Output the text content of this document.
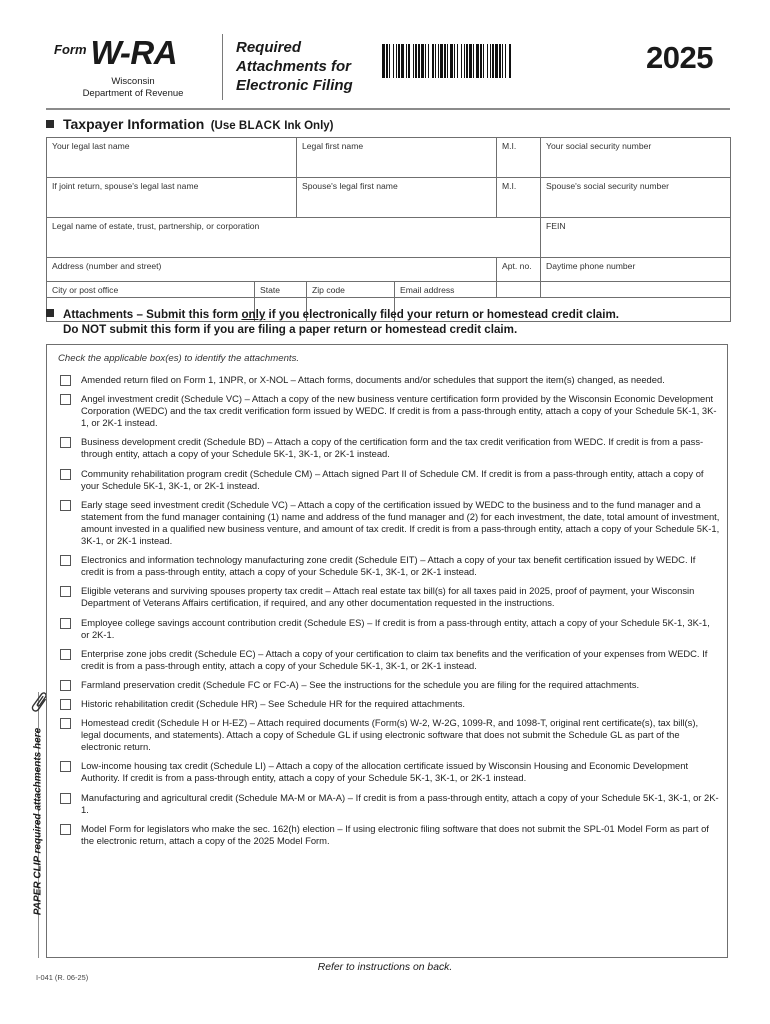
$^{Form}$ W-RA
Wisconsin
Department of Revenue
Required
Attachments for
Electronic Filing
2025
Taxpayer Information (Use BLACK Ink Only)
Your legal last name	Legal first name	M.I.	Your social security number
If joint return, spouse's legal last name	Spouse's legal first name	M.I.	Spouse's social security number
Legal name of estate, trust, partnership, or corporation			FEIN
Address (number and street)		Apt. no.	Daytime phone number
City or post office	State	Zip code	Email address
Attachments – Submit this form only if you electronically filed your return or homestead credit claim.
Do NOT submit this form if you are filing a paper return or homestead credit claim.
Check the applicable box(es) to identify the attachments.
Amended return filed on Form 1, 1NPR, or X-NOL – Attach forms, documents and/or schedules that support the item(s) changed, as needed.
Angel investment credit (Schedule VC) – Attach a copy of the new business venture certification form provided by the Wisconsin Economic Development Corporation (WEDC) and the tax credit verification form issued by WEDC. If credit is from a pass-through entity, attach a copy of your Schedule 5K-1, 3K-1, or 2K-1 instead.
Business development credit (Schedule BD) – Attach a copy of the certification form and the tax credit verification from WEDC. If credit is from a pass-through entity, attach a copy of your Schedule 5K-1, 3K-1, or 2K-1 instead.
Community rehabilitation program credit (Schedule CM) – Attach signed Part II of Schedule CM. If credit is from a pass-through entity, attach a copy of your Schedule 5K-1, 3K-1, or 2K-1 instead.
Early stage seed investment credit (Schedule VC) – Attach a copy of the certification issued by WEDC to the business and to the fund manager and a statement from the fund manager containing (1) name and address of the fund manager and (2) for each investment, the date, total amount of investment, amount invested in a qualified new business venture, and amount of tax credit. If credit is from a pass-through entity, attach a copy of your Schedule 5K-1, 3K-1, or 2K-1 instead.
Electronics and information technology manufacturing zone credit (Schedule EIT) – Attach a copy of your tax benefit certification issued by WEDC. If credit is from a pass-through entity, attach a copy of your Schedule 5K-1, 3K-1, or 2K-1 instead.
Eligible veterans and surviving spouses property tax credit – Attach real estate tax bill(s) for all taxes paid in 2025, proof of payment, your Wisconsin Department of Veterans Affairs certification, if required, and any other documentation requested in the instructions.
Employee college savings account contribution credit (Schedule ES) – If credit is from a pass-through entity, attach a copy of your Schedule 5K-1, 3K-1, or 2K-1.
Enterprise zone jobs credit (Schedule EC) – Attach a copy of your certification to claim tax benefits and the verification of your expenses from WEDC. If credit is from a pass-through entity, attach a copy of your Schedule 5K-1, 3K-1, or 2K-1 instead.
Farmland preservation credit (Schedule FC or FC-A) – See the instructions for the schedule you are filing for the required attachments.
Historic rehabilitation credit (Schedule HR) – See Schedule HR for the required attachments.
Homestead credit (Schedule H or H-EZ) – Attach required documents (Form(s) W-2, W-2G, 1099-R, and 1098-T, original rent certificate(s), tax bill(s), legal documents, and statements). Attach a copy of Schedule GL if using electronic software that does not submit the Schedule GL as part of the electronic return.
Low-income housing tax credit (Schedule LI) – Attach a copy of the allocation certificate issued by Wisconsin Housing and Economic Development Authority. If credit is from a pass-through entity, attach a copy of your Schedule 5K-1, 3K-1, or 2K-1 instead.
Manufacturing and agricultural credit (Schedule MA-M or MA-A) – If credit is from a pass-through entity, attach a copy of your Schedule 5K-1, 3K-1, or 2K-1.
Model Form for legislators who make the sec. 162(h) election – If using electronic filing software that does not submit the SPL-01 Model Form as part of the electronic return, attach a copy of the 2025 Model Form.
PAPER CLIP required attachments here
Refer to instructions on back.
I-041 (R. 06-25)
